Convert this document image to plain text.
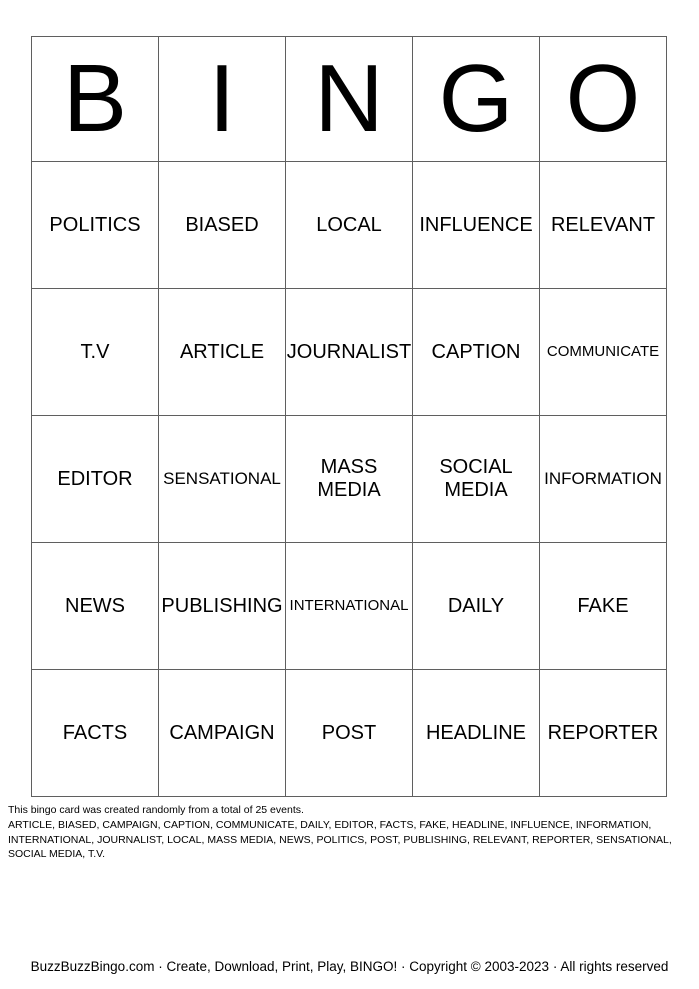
B	I	N	G	O
POLITICS	BIASED	LOCAL	INFLUENCE	RELEVANT
T.V	ARTICLE	JOURNALIST	CAPTION	COMMUNICATE
EDITOR	SENSATIONAL	MASS MEDIA	SOCIAL MEDIA	INFORMATION
NEWS	PUBLISHING	INTERNATIONAL	DAILY	FAKE
FACTS	CAMPAIGN	POST	HEADLINE	REPORTER
This bingo card was created randomly from a total of 25 events.
ARTICLE, BIASED, CAMPAIGN, CAPTION, COMMUNICATE, DAILY, EDITOR, FACTS, FAKE, HEADLINE, INFLUENCE, INFORMATION, INTERNATIONAL, JOURNALIST, LOCAL, MASS MEDIA, NEWS, POLITICS, POST, PUBLISHING, RELEVANT, REPORTER, SENSATIONAL, SOCIAL MEDIA, T.V.
BuzzBuzzBingo.com · Create, Download, Print, Play, BINGO! · Copyright © 2003-2023 · All rights reserved
